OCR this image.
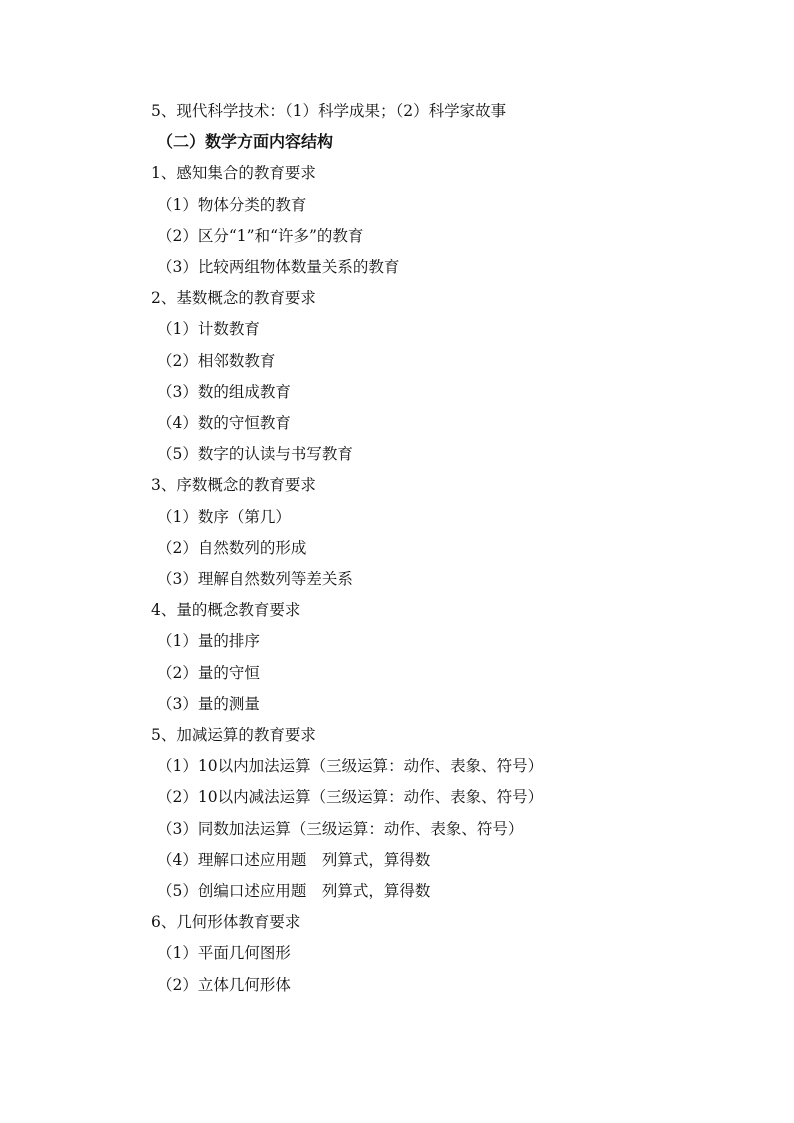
5、现代科学技术：（1）科学成果；（2）科学家故事
（二）数学方面内容结构
1、感知集合的教育要求
（1）物体分类的教育
（2）区分“1”和“许多”的教育
（3）比较两组物体数量关系的教育
2、基数概念的教育要求
（1）计数教育
（2）相邻数教育
（3）数的组成教育
（4）数的守恒教育
（5）数字的认读与书写教育
3、序数概念的教育要求
（1）数序（第几）
（2）自然数列的形成
（3）理解自然数列等差关系
4、量的概念教育要求
（1）量的排序
（2）量的守恒
（3）量的测量
5、加减运算的教育要求
（1）10以内加法运算（三级运算：动作、表象、符号）
（2）10以内减法运算（三级运算：动作、表象、符号）
（3）同数加法运算（三级运算：动作、表象、符号）
（4）理解口述应用题　列算式，算得数
（5）创编口述应用题　列算式，算得数
6、几何形体教育要求
（1）平面几何图形
（2）立体几何形体
